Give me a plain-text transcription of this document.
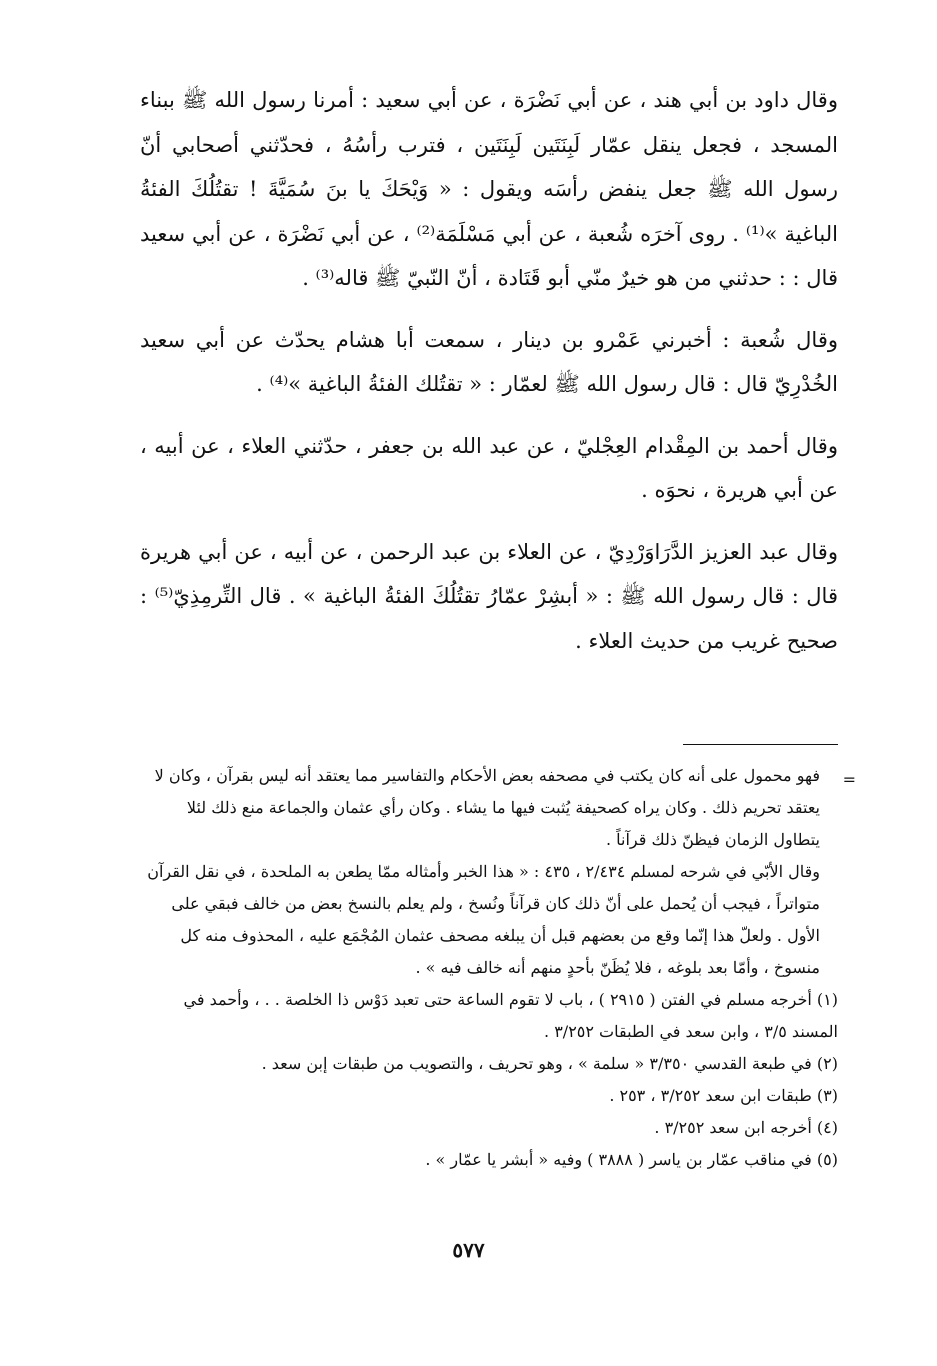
وقال داود بن أبي هند ، عن أبي نَضْرَة ، عن أبي سعيد : أمرنا رسول الله ﷺ ببناء المسجد ، فجعل ينقل عمّار لَبِنَتَين لَبِنَتَين ، فترب رأسُهُ ، فحدّثني أصحابي أنّ رسول الله ﷺ جعل ينفض رأسَه ويقول : « وَيْحَكَ يا بنَ سُمَيَّةَ ! تقتُلُكَ الفئةُ الباغية »⁽¹⁾ . روى آخرَه شُعبة ، عن أبي مَسْلَمَة⁽²⁾ ، عن أبي نَضْرَة ، عن أبي سعيد قال : : حدثني من هو خيرٌ منّي أبو قَتَادة ، أنّ النّبيّ ﷺ قاله⁽³⁾ .

وقال شُعبة : أخبرني عَمْرو بن دينار ، سمعت أبا هشام يحدّث عن أبي سعيد الخُدْرِيّ قال : قال رسول الله ﷺ لعمّار : « تقتُلك الفئةُ الباغية »⁽⁴⁾ .

وقال أحمد بن المِقْدام العِجْليّ ، عن عبد الله بن جعفر ، حدّثني العلاء ، عن أبيه ، عن أبي هريرة ، نحوَه .

وقال عبد العزيز الدَّرَاوَرْدِيّ ، عن العلاء بن عبد الرحمن ، عن أبيه ، عن أبي هريرة قال : قال رسول الله ﷺ : « أبشِرْ عمّارُ تقتُلُكَ الفئةُ الباغية » . قال التِّرمِذِيّ⁽⁵⁾ : صحيح غريب من حديث العلاء .

=

فهو محمول على أنه كان يكتب في مصحفه بعض الأحكام والتفاسير مما يعتقد أنه ليس بقرآن ، وكان لا يعتقد تحريم ذلك . وكان يراه كصحيفة يُثبت فيها ما يشاء . وكان رأي عثمان والجماعة منع ذلك لئلا يتطاول الزمان فيظنّ ذلك قرآناً .

وقال الأبّي في شرحه لمسلم ٢/٤٣٤ ، ٤٣٥ : « هذا الخبر وأمثاله ممّا يطعن به الملحدة ، في نقل القرآن متواتراً ، فيجب أن يُحمل على أنّ ذلك كان قرآناً ونُسخ ، ولم يعلم بالنسخ بعض من خالف فبقي على الأول . ولعلّ هذا إنّما وقع من بعضهم قبل أن يبلغه مصحف عثمان المُجْمَع عليه ، المحذوف منه كل منسوخ ، وأمّا بعد بلوغه ، فلا يُظَنّ بأحدٍ منهم أنه خالف فيه » .

(١) أخرجه مسلم في الفتن ( ٢٩١٥ ) ، باب لا تقوم الساعة حتى تعبد دَوْس ذا الخلصة . . ، وأحمد في المسند ٣/٥ ، وابن سعد في الطبقات ٣/٢٥٢ .

(٢) في طبعة القدسي ٣/٣٥٠ « سلمة » ، وهو تحريف ، والتصويب من طبقات إبن سعد .

(٣) طبقات ابن سعد ٣/٢٥٢ ، ٢٥٣ .

(٤) أخرجه ابن سعد ٣/٢٥٢ .

(٥) في مناقب عمّار بن ياسر ( ٣٨٨٨ ) وفيه « أبشر يا عمّار » .

٥٧٧
